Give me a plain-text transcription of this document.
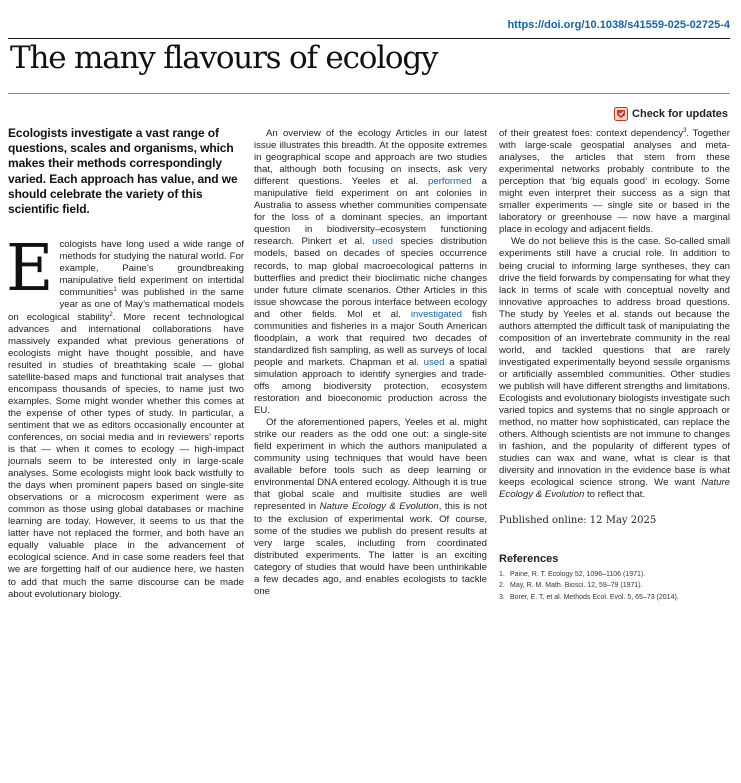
https://doi.org/10.1038/s41559-025-02725-4
The many flavours of ecology
Check for updates

Ecologists investigate a vast range of questions, scales and organisms, which makes their methods correspondingly varied. Each approach has value, and we should celebrate the variety of this scientific field.

E cologists have long used a wide range of methods for studying the natural world. For example, Paine’s groundbreaking manipulative field experiment on intertidal communities$^1$ was published in the same year as one of May’s mathematical models on ecological stability$^2$. More recent technological advances and international collaborations have massively expanded what previous generations of ecologists might have thought possible, and have resulted in studies of breathtaking scale — global satellite-based maps and functional trait analyses that encompass thousands of species, to name just two examples. Some might wonder whether this comes at the expense of other types of study. In particular, a sentiment that we as editors occasionally encounter at conferences, on social media and in reviewers’ reports is that — when it comes to ecology — high-impact journals seem to be interested only in large-scale analyses. Some ecologists might look back wistfully to the days when prominent papers based on single-site observations or a microcosm experiment were as common as those using global databases or machine learning are today. However, it seems to us that the latter have not replaced the former, and both have an equally valuable place in the advancement of ecological science. And in case some readers feel that we are forgetting half of our audience here, we hasten to add that much the same discourse can be made about evolutionary biology.

An overview of the ecology Articles in our latest issue illustrates this breadth. At the opposite extremes in geographical scope and approach are two studies that, although both focusing on insects, ask very different questions. Yeeles et al. performed a manipulative field experiment on ant colonies in Australia to assess whether communities compensate for the loss of a dominant species, an important question in biodiversity–ecosystem functioning research. Pinkert et al. used species distribution models, based on decades of species occurrence records, to map global macroecological patterns in butterflies and predict their bioclimatic niche changes under future climate scenarios. Other Articles in this issue showcase the porous interface between ecology and other fields. Mol et al. investigated fish communities and fisheries in a major South American floodplain, a work that required two decades of standardized fish sampling, as well as surveys of local people and markets. Chapman et al. used a spatial simulation approach to identify synergies and trade-offs among biodiversity protection, ecosystem restoration and bioeconomic production across the EU.

Of the aforementioned papers, Yeeles et al. might strike our readers as the odd one out: a single-site field experiment in which the authors manipulated a community using techniques that would have been available before tools such as deep learning or environmental DNA entered ecology. Although it is true that global scale and multisite studies are well represented in Nature Ecology & Evolution, this is not to the exclusion of experimental work. Of course, some of the studies we publish do present results at very large scales, including from coordinated distributed experiments. The latter is an exciting category of studies that would have been unthinkable a few decades ago, and enables ecologists to tackle one

of their greatest foes: context dependency$^3$. Together with large-scale geospatial analyses and meta-analyses, the articles that stem from these experimental networks probably contribute to the perception that ‘big equals good’ in ecology. Some might even interpret their success as a sign that smaller experiments — single site or based in the laboratory or greenhouse — now have a marginal place in ecology and adjacent fields.

We do not believe this is the case. So-called small experiments still have a crucial role. In addition to being crucial to informing large syntheses, they can drive the field forwards by compensating for what they lack in terms of scale with conceptual novelty and innovative approaches to address broad questions. The study by Yeeles et al. stands out because the authors attempted the difficult task of manipulating the composition of an invertebrate community in the real world, and tackled questions that are rarely investigated experimentally beyond sessile organisms or artificially assembled communities. Other studies we publish will have different strengths and limitations. Ecologists and evolutionary biologists investigate such varied topics and systems that no single approach or method, no matter how sophisticated, can replace the others. Although scientists are not immune to changes in fashion, and the popularity of different types of studies can wax and wane, what is clear is that diversity and innovation in the evidence base is what keeps ecological science strong. We want Nature Ecology & Evolution to reflect that.

Published online: 12 May 2025

References

1. Paine, R. T. Ecology 52, 1096–1106 (1971).
2. May, R. M. Math. Biosci. 12, 59–79 (1971).
3. Borer, E. T. et al. Methods Ecol. Evol. 5, 65–73 (2014).
